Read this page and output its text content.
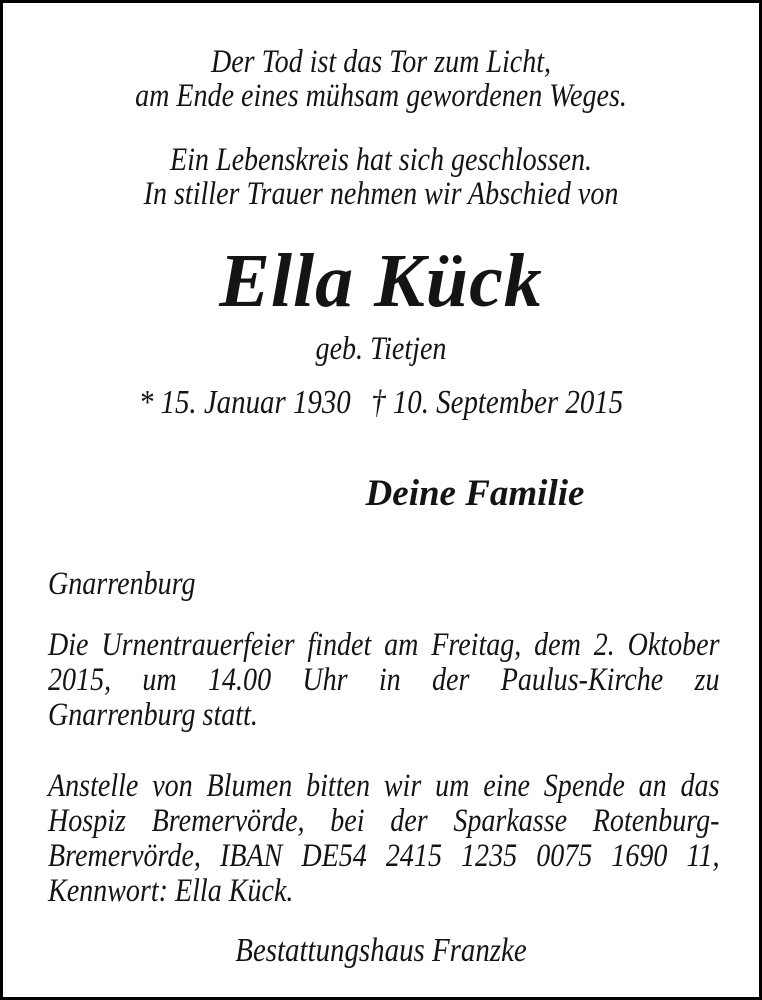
Der Tod ist das Tor zum Licht,
am Ende eines mühsam gewordenen Weges.
Ein Lebenskreis hat sich geschlossen.
In stiller Trauer nehmen wir Abschied von
Ella Kück
geb. Tietjen
* 15. Januar 1930 † 10. September 2015
Deine Familie
Gnarrenburg
Die Urnentrauerfeier findet am Freitag, dem 2. Oktober
2015, um 14.00 Uhr in der Paulus-Kirche zu
Gnarrenburg statt.
Anstelle von Blumen bitten wir um eine Spende an das
Hospiz Bremervörde, bei der Sparkasse Rotenburg-
Bremervörde, IBAN DE54 2415 1235 0075 1690 11,
Kennwort: Ella Kück.
Bestattungshaus Franzke
